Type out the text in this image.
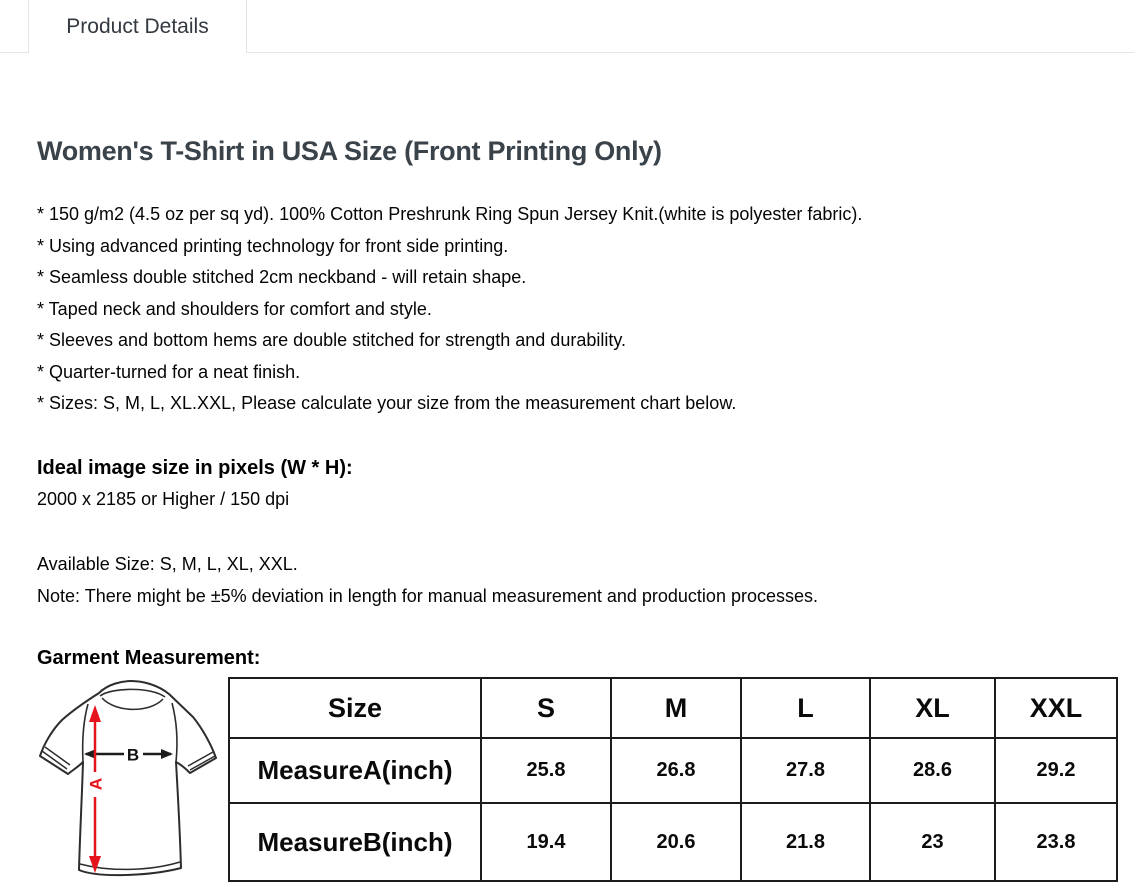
Product Details
Women's T-Shirt in USA Size (Front Printing Only)
* 150 g/m2 (4.5 oz per sq yd). 100% Cotton Preshrunk Ring Spun Jersey Knit.(white is polyester fabric).
* Using advanced printing technology for front side printing.
* Seamless double stitched 2cm neckband - will retain shape.
* Taped neck and shoulders for comfort and style.
* Sleeves and bottom hems are double stitched for strength and durability.
* Quarter-turned for a neat finish.
* Sizes: S, M, L, XL.XXL, Please calculate your size from the measurement chart below.
Ideal image size in pixels (W * H):
2000 x 2185 or Higher / 150 dpi
Available Size: S, M, L, XL, XXL.
Note: There might be ±5% deviation in length for manual measurement and production processes.
Garment Measurement:
B
A
Size	S	M	L	XL	XXL
MeasureA(inch)	25.8	26.8	27.8	28.6	29.2
MeasureB(inch)	19.4	20.6	21.8	23	23.8
